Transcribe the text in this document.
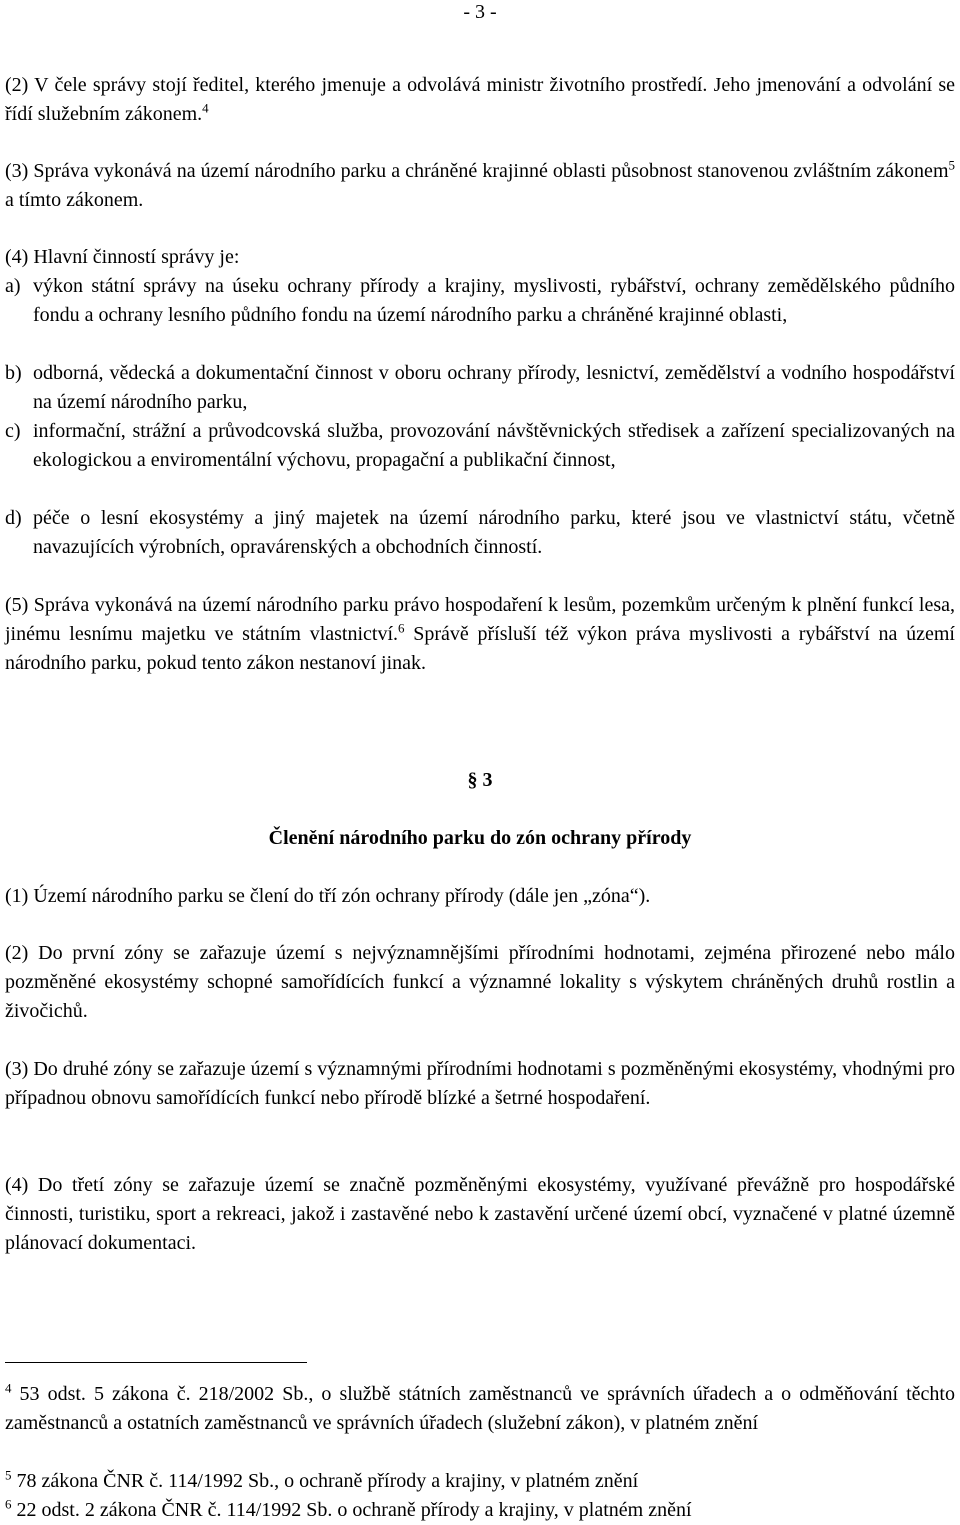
- 3 -

(2) V čele správy stojí ředitel, kterého jmenuje a odvolává ministr životního prostředí. Jeho jmenování a odvolání se řídí služebním zákonem.$^4$

(3) Správa vykonává na území národního parku a chráněné krajinné oblasti působnost stanovenou zvláštním zákonem$^5$ a tímto zákonem.

(4) Hlavní činností správy je:

a) výkon státní správy na úseku ochrany přírody a krajiny, myslivosti, rybářství, ochrany zemědělského půdního fondu a ochrany lesního půdního fondu na území národního parku a chráněné krajinné oblasti,
b) odborná, vědecká a dokumentační činnost v oboru ochrany přírody, lesnictví, zemědělství a vodního hospodářství na území národního parku,
c) informační, strážní a průvodcovská služba, provozování návštěvnických středisek a zařízení specializovaných na ekologickou a enviromentální výchovu, propagační a publikační činnost,
d) péče o lesní ekosystémy a jiný majetek na území národního parku, které jsou ve vlastnictví státu, včetně navazujících výrobních, opravárenských a obchodních činností.

(5) Správa vykonává na území národního parku právo hospodaření k lesům, pozemkům určeným k plnění funkcí lesa, jinému lesnímu majetku ve státním vlastnictví.$^6$ Správě přísluší též výkon práva myslivosti a rybářství na území národního parku, pokud tento zákon nestanoví jinak.

§ 3
Členění národního parku do zón ochrany přírody

(1) Území národního parku se člení do tří zón ochrany přírody (dále jen „zóna“).

(2) Do první zóny se zařazuje území s nejvýznamnějšími přírodními hodnotami, zejména přirozené nebo málo pozměněné ekosystémy schopné samořídících funkcí a významné lokality s výskytem chráněných druhů rostlin a živočichů.

(3) Do druhé zóny se zařazuje území s významnými přírodními hodnotami s pozměněnými ekosystémy, vhodnými pro případnou obnovu samořídících funkcí nebo přírodě blízké a šetrné hospodaření.

(4) Do třetí zóny se zařazuje území se značně pozměněnými ekosystémy, využívané převážně pro hospodářské činnosti, turistiku, sport a rekreaci, jakož i zastavěné nebo k zastavění určené území obcí, vyznačené v platné územně plánovací dokumentaci.

$^4$ 53 odst. 5 zákona č. 218/2002 Sb., o službě státních zaměstnanců ve správních úřadech a o odměňování těchto zaměstnanců a ostatních zaměstnanců ve správních úřadech (služební zákon), v platném znění

$^5$ 78 zákona ČNR č. 114/1992 Sb., o ochraně přírody a krajiny, v platném znění

$^6$ 22 odst. 2 zákona ČNR č. 114/1992 Sb. o ochraně přírody a krajiny, v platném znění
